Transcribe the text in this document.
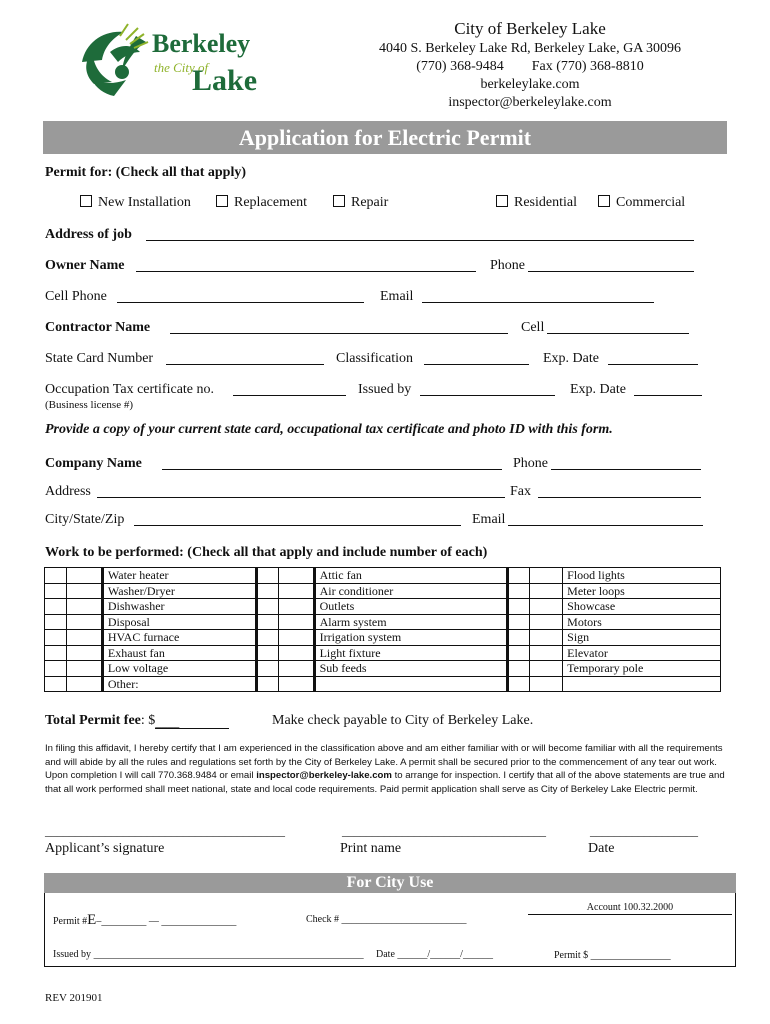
Berkeley
the City of
Lake
City of Berkeley Lake
4040 S. Berkeley Lake Rd, Berkeley Lake, GA 30096
(770) 368-9484        Fax (770) 368-8810
berkeleylake.com
inspector@berkeleylake.com
Application for Electric Permit
Permit for: (Check all that apply)
New Installation	Replacement	Repair	Residential	Commercial
Address of job
Owner Name	Phone
Cell Phone	Email
Contractor Name	Cell
State Card Number	Classification	Exp. Date
Occupation Tax certificate no.	Issued by	Exp. Date
(Business license #)
Provide a copy of your current state card, occupational tax certificate and photo ID with this form.
Company Name	Phone
Address	Fax
City/State/Zip	Email
Work to be performed: (Check all that apply and include number of each)
		Water heater			Attic fan			Flood lights
		Washer/Dryer			Air conditioner			Meter loops
		Dishwasher			Outlets			Showcase
		Disposal			Alarm system			Motors
		HVAC furnace			Irrigation system			Sign
		Exhaust fan			Light fixture			Elevator
		Low voltage			Sub feeds			Temporary pole
		Other:						
Total Permit fee: $____	Make check payable to City of Berkeley Lake.
In filing this affidavit, I hereby certify that I am experienced in the classification above and am either familiar with or will become familiar with all the requirements and will abide by all the rules and regulations set forth by the City of Berkeley Lake. A permit shall be secured prior to the commencement of any tear out work. Upon completion I will call 770.368.9484 or email inspector@berkeley-lake.com to arrange for inspection. I certify that all of the above statements are true and that all work performed shall meet national, state and local code requirements. Paid permit application shall serve as City of Berkeley Lake Electric permit.
________________________________________	__________________________________	__________________
Applicant’s signature	Print name	Date
For City Use
Permit #E–_________ — _______________	Check # _________________________
Account 100.32.2000
Issued by ______________________________________________________ Date ______/______/______	Permit $ ________________
REV 201901
